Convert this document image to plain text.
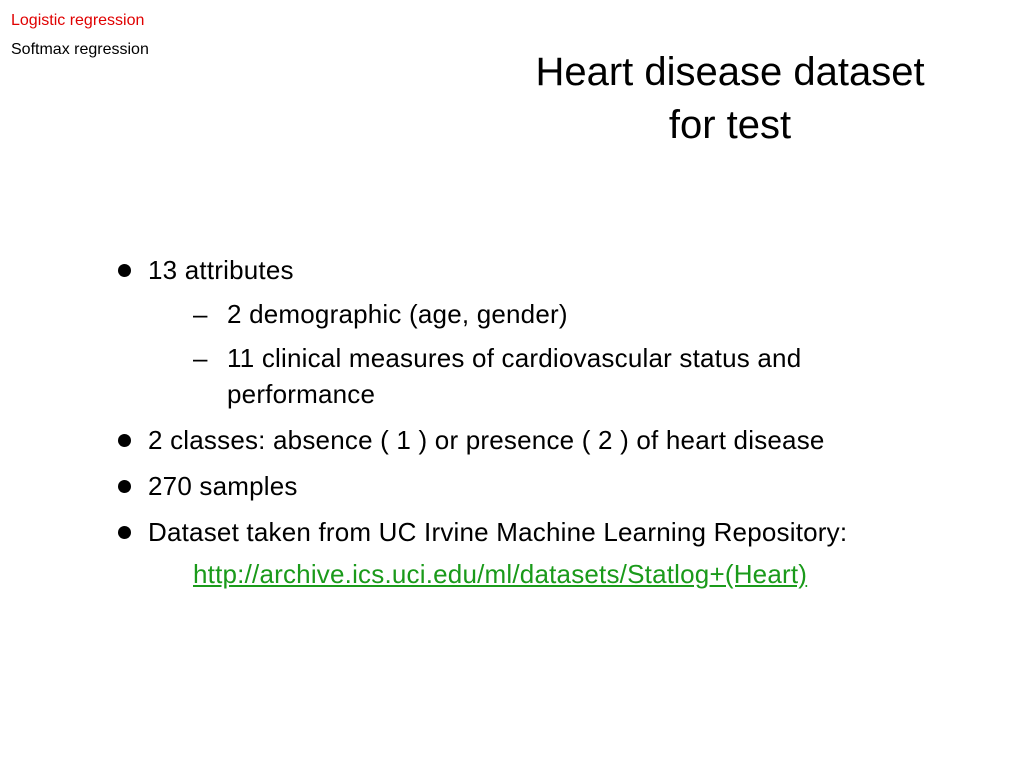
Logistic regression
Softmax regression
Heart disease dataset
for test
13 attributes
– 2 demographic (age, gender)
– 11 clinical measures of cardiovascular status and
performance
2 classes: absence ( 1 ) or presence ( 2 ) of heart disease
270 samples
Dataset taken from UC Irvine Machine Learning Repository:
http://archive.ics.uci.edu/ml/datasets/Statlog+(Heart)
